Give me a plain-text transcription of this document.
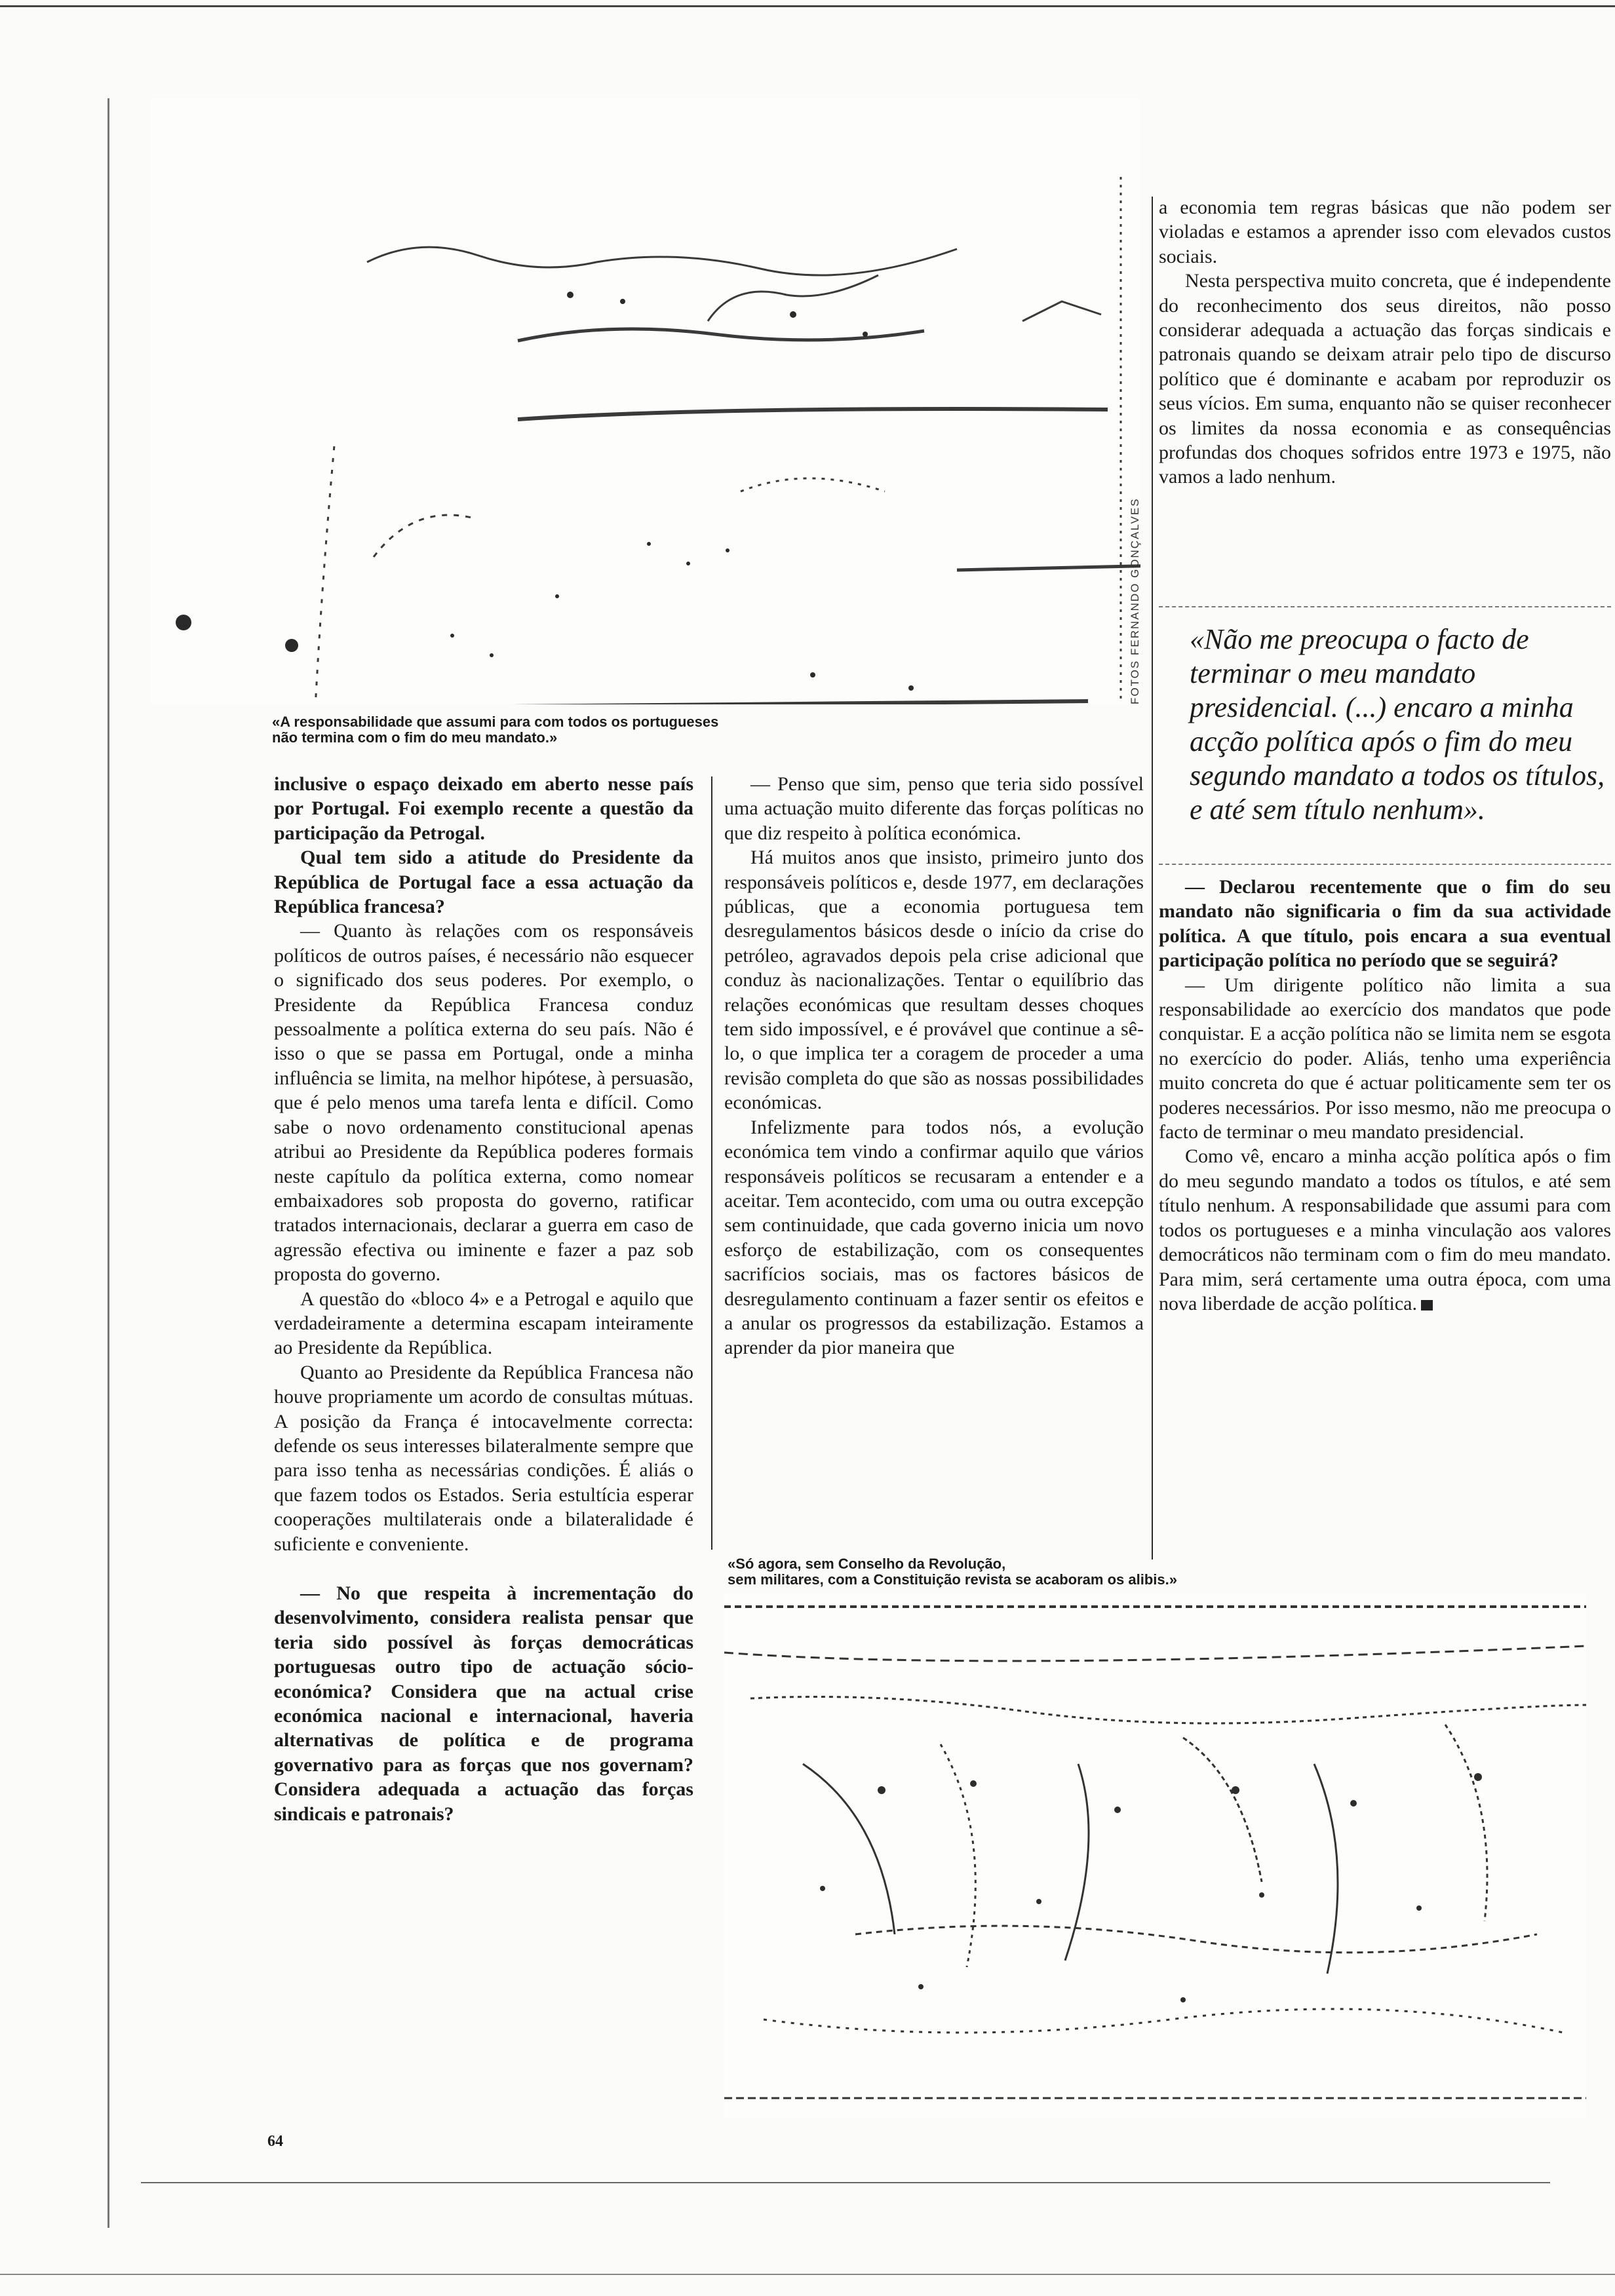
FOTOS FERNANDO GONÇALVES
«A responsabilidade que assumi para com todos os portugueses
não termina com o fim do meu mandato.»

inclusive o espaço deixado em aberto nesse país por Portugal. Foi exemplo recente a questão da participação da Petrogal.

Qual tem sido a atitude do Presidente da República de Portugal face a essa actuação da República francesa?

— Quanto às relações com os responsáveis políticos de outros países, é necessário não esquecer o significado dos seus poderes. Por exemplo, o Presidente da República Francesa conduz pessoalmente a política externa do seu país. Não é isso o que se passa em Portugal, onde a minha influência se limita, na melhor hipótese, à persuasão, que é pelo menos uma tarefa lenta e difícil. Como sabe o novo ordenamento constitucional apenas atribui ao Presidente da República poderes formais neste capítulo da política externa, como nomear embaixadores sob proposta do governo, ratificar tratados internacionais, declarar a guerra em caso de agressão efectiva ou iminente e fazer a paz sob proposta do governo.

A questão do «bloco 4» e a Petrogal e aquilo que verdadeiramente a determina escapam inteiramente ao Presidente da República.

Quanto ao Presidente da República Francesa não houve propriamente um acordo de consultas mútuas. A posição da França é intocavelmente correcta: defende os seus interesses bilateralmente sempre que para isso tenha as necessárias condições. É aliás o que fazem todos os Estados. Seria estultícia esperar cooperações multilaterais onde a bilateralidade é suficiente e conveniente.

— No que respeita à incrementação do desenvolvimento, considera realista pensar que teria sido possível às forças democráticas portuguesas outro tipo de actuação sócio-económica? Considera que na actual crise económica nacional e internacional, haveria alternativas de política e de programa governativo para as forças que nos governam? Considera adequada a actuação das forças sindicais e patronais?

— Penso que sim, penso que teria sido possível uma actuação muito diferente das forças políticas no que diz respeito à política económica.

Há muitos anos que insisto, primeiro junto dos responsáveis políticos e, desde 1977, em declarações públicas, que a economia portuguesa tem desregulamentos básicos desde o início da crise do petróleo, agravados depois pela crise adicional que conduz às nacionalizações. Tentar o equilíbrio das relações económicas que resultam desses choques tem sido impossível, e é provável que continue a sê-lo, o que implica ter a coragem de proceder a uma revisão completa do que são as nossas possibilidades económicas.

Infelizmente para todos nós, a evolução económica tem vindo a confirmar aquilo que vários responsáveis políticos se recusaram a entender e a aceitar. Tem acontecido, com uma ou outra excepção sem continuidade, que cada governo inicia um novo esforço de estabilização, com os consequentes sacrifícios sociais, mas os factores básicos de desregulamento continuam a fazer sentir os efeitos e a anular os progressos da estabilização. Estamos a aprender da pior maneira que

a economia tem regras básicas que não podem ser violadas e estamos a aprender isso com elevados custos sociais.

Nesta perspectiva muito concreta, que é independente do reconhecimento dos seus direitos, não posso considerar adequada a actuação das forças sindicais e patronais quando se deixam atrair pelo tipo de discurso político que é dominante e acabam por reproduzir os seus vícios. Em suma, enquanto não se quiser reconhecer os limites da nossa economia e as consequências profundas dos choques sofridos entre 1973 e 1975, não vamos a lado nenhum.

«Não me preocupa o facto de terminar o meu mandato presidencial. (...) encaro a minha acção política após o fim do meu segundo mandato a todos os títulos, e até sem título nenhum».

— Declarou recentemente que o fim do seu mandato não significaria o fim da sua actividade política. A que título, pois encara a sua eventual participação política no período que se seguirá?

— Um dirigente político não limita a sua responsabilidade ao exercício dos mandatos que pode conquistar. E a acção política não se limita nem se esgota no exercício do poder. Aliás, tenho uma experiência muito concreta do que é actuar politicamente sem ter os poderes necessários. Por isso mesmo, não me preocupa o facto de terminar o meu mandato presidencial.

Como vê, encaro a minha acção política após o fim do meu segundo mandato a todos os títulos, e até sem título nenhum. A responsabilidade que assumi para com todos os portugueses e a minha vinculação aos valores democráticos não terminam com o fim do meu mandato. Para mim, será certamente uma outra época, com uma nova liberdade de acção política.

«Só agora, sem Conselho da Revolução,
sem militares, com a Constituição revista se acaboram os alibis.»
64
